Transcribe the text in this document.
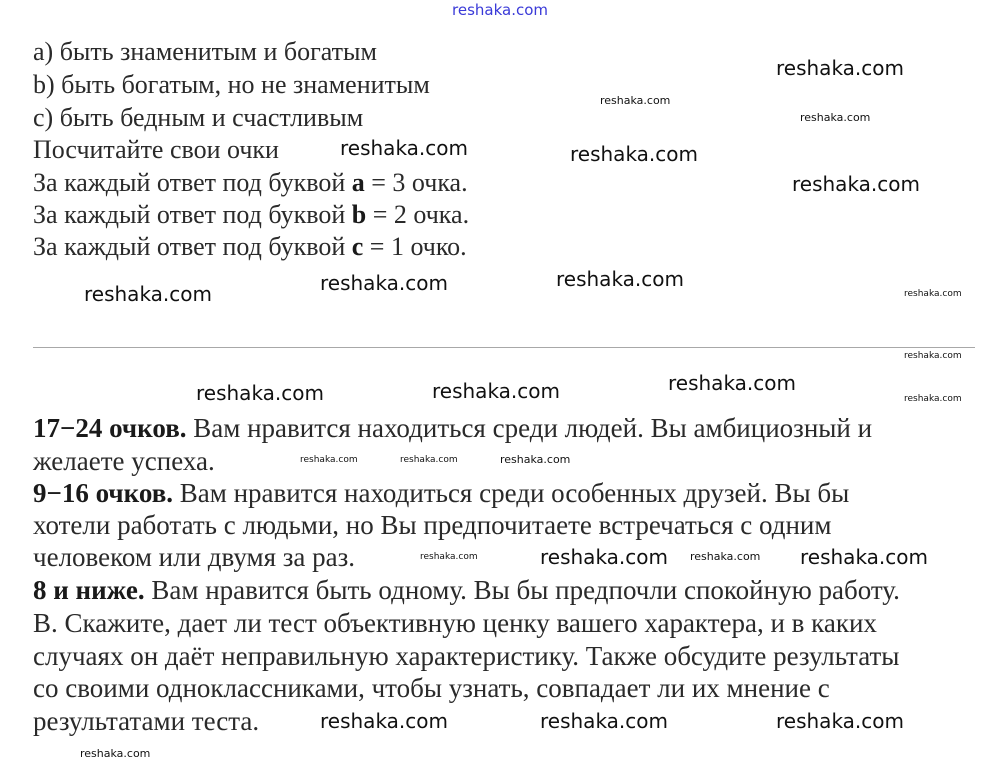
a) быть знаменитым и богатым
b) быть богатым, но не знаменитым
c) быть бедным и счастливым
Посчитайте свои очки
За каждый ответ под буквой a = 3 очка.
За каждый ответ под буквой b = 2 очка.
За каждый ответ под буквой c = 1 очко.
17−24 очков. Вам нравится находиться среди людей. Вы амбициозный и
желаете успеха.
9−16 очков. Вам нравится находиться среди особенных друзей. Вы бы
хотели работать с людьми, но Вы предпочитаете встречаться с одним
человеком или двумя за раз.
8 и ниже. Вам нравится быть одному. Вы бы предпочли спокойную работу.
В. Скажите, дает ли тест объективную ценку вашего характера, и в каких
случаях он даёт неправильную характеристику. Также обсудите результаты
со своими одноклассниками, чтобы узнать, совпадает ли их мнение с
результатами теста.
reshaka.com
reshaka.com
reshaka.com
reshaka.com
reshaka.com	reshaka.com
reshaka.com
reshaka.com
reshaka.com
reshaka.com	reshaka.com
reshaka.com
reshaka.com
reshaka.com
reshaka.com	reshaka.com
reshaka.com	reshaka.com	reshaka.com
reshaka.com	reshaka.com reshaka.com reshaka.com
reshaka.com	reshaka.com	reshaka.com
reshaka.com
